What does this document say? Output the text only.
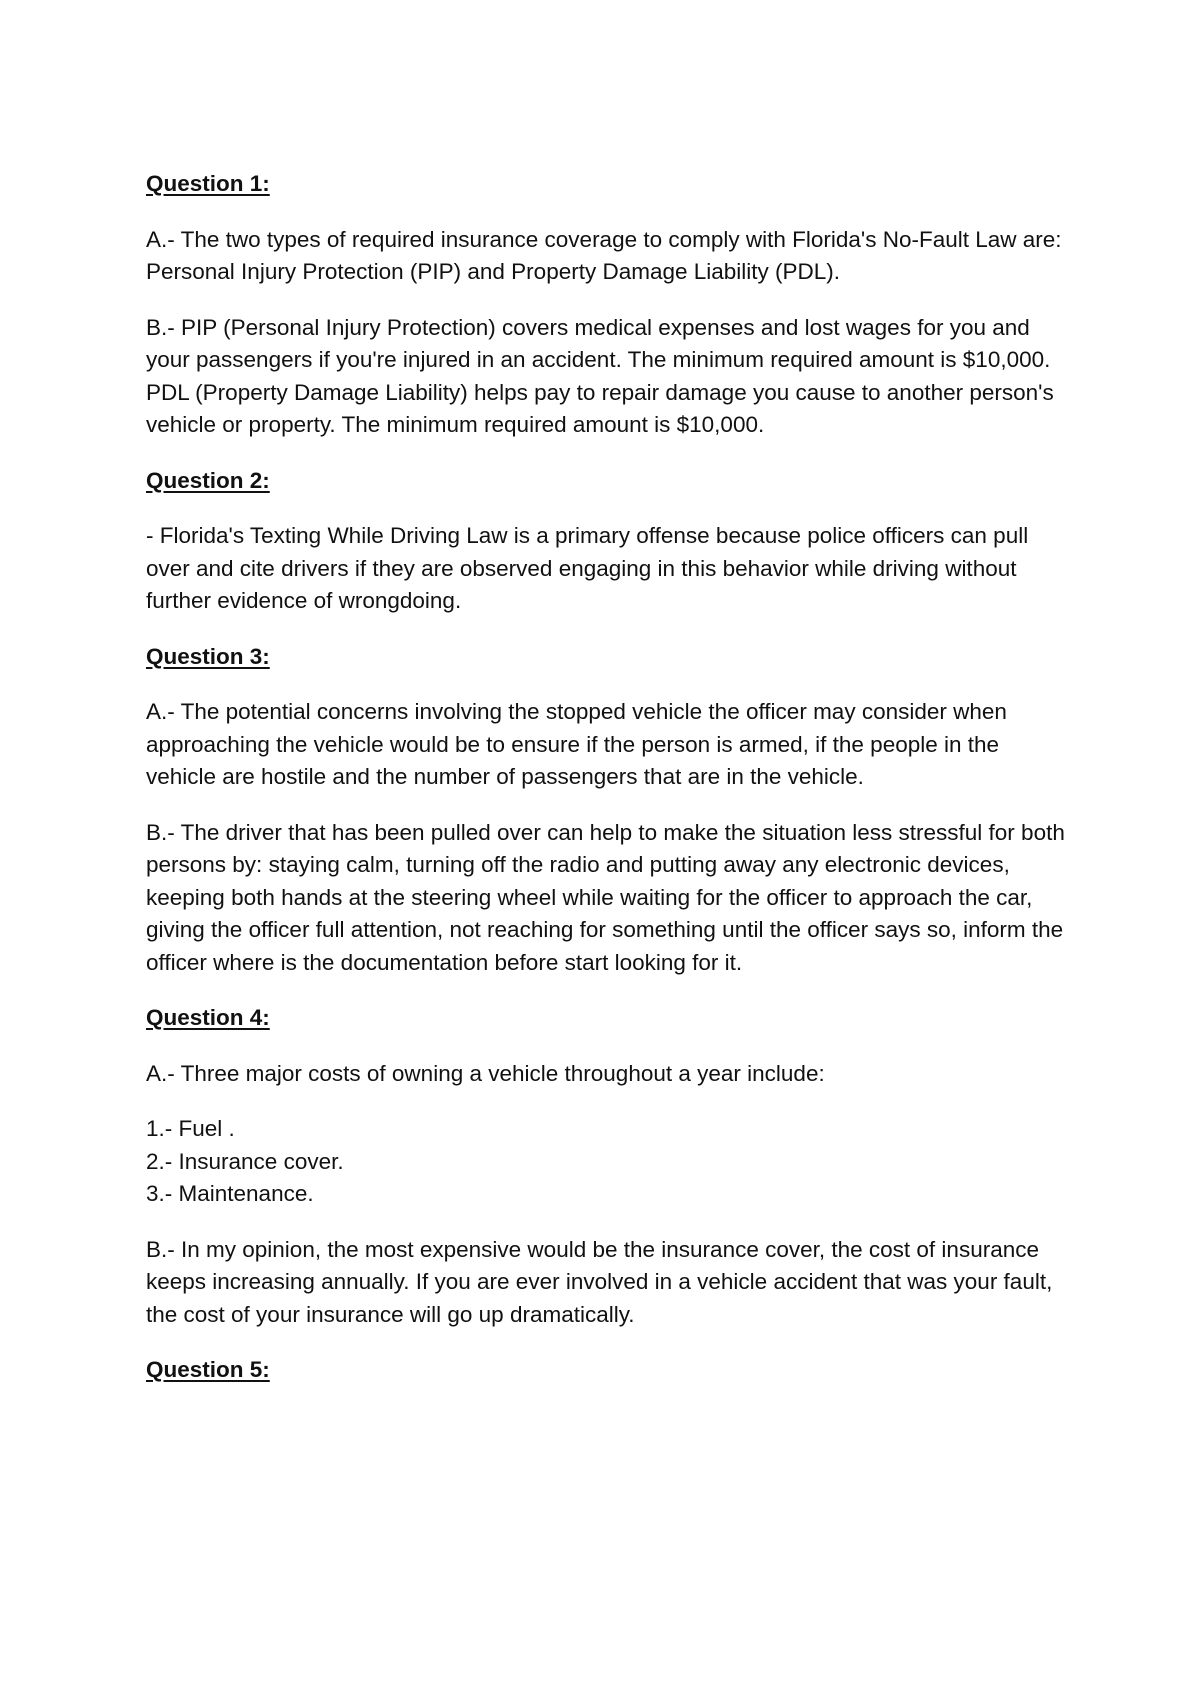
Question 1:

A.- The two types of required insurance coverage to comply with Florida's No-Fault Law are: Personal Injury Protection (PIP) and Property Damage Liability (PDL).

B.- PIP (Personal Injury Protection) covers medical expenses and lost wages for you and your passengers if you're injured in an accident. The minimum required amount is $10,000. PDL (Property Damage Liability) helps pay to repair damage you cause to another person's vehicle or property. The minimum required amount is $10,000.

Question 2:

- Florida's Texting While Driving Law is a primary offense because police officers can pull over and cite drivers if they are observed engaging in this behavior while driving without further evidence of wrongdoing.

Question 3:

A.- The potential concerns involving the stopped vehicle the officer may consider when approaching the vehicle would be to ensure if the person is armed, if the people in the vehicle are hostile and the number of passengers that are in the vehicle.

B.- The driver that has been pulled over can help to make the situation less stressful for both persons by: staying calm, turning off the radio and putting away any electronic devices, keeping both hands at the steering wheel while waiting for the officer to approach the car, giving the officer full attention, not reaching for something until the officer says so, inform the officer where is the documentation before start looking for it.

Question 4:

A.- Three major costs of owning a vehicle throughout a year include:

1.- Fuel .
2.- Insurance cover.
3.- Maintenance.

B.- In my opinion, the most expensive would be the insurance cover, the cost of insurance keeps increasing annually. If you are ever involved in a vehicle accident that was your fault, the cost of your insurance will go up dramatically.

Question 5:
